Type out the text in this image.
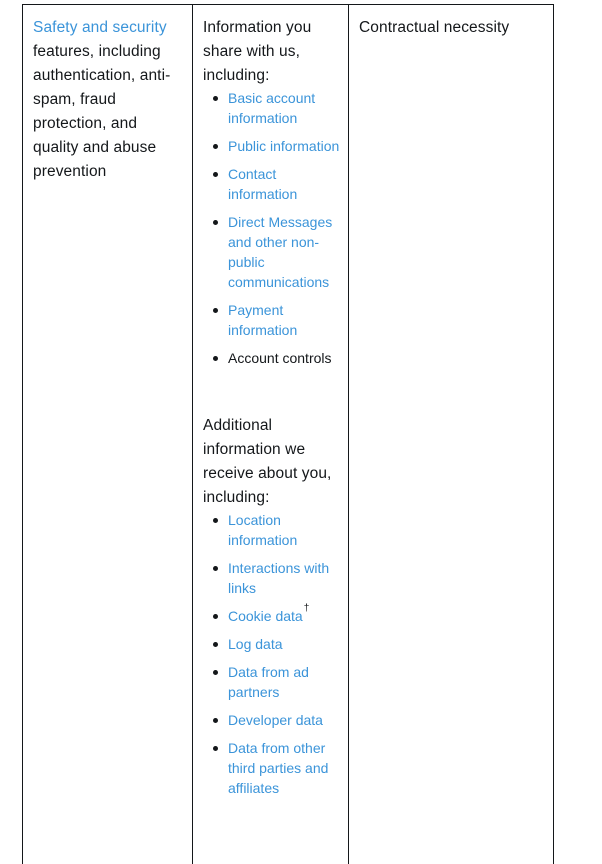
Safety and security features, including authentication, anti-spam, fraud protection, and quality and abuse prevention
Information you share with us, including:
Basic account information
Public information
Contact information
Direct Messages and other non-public communications
Payment information
Account controls
Additional information we receive about you, including:
Location information
Interactions with links
Cookie data†
Log data
Data from ad partners
Developer data
Data from other third parties and affiliates
Contractual necessity
